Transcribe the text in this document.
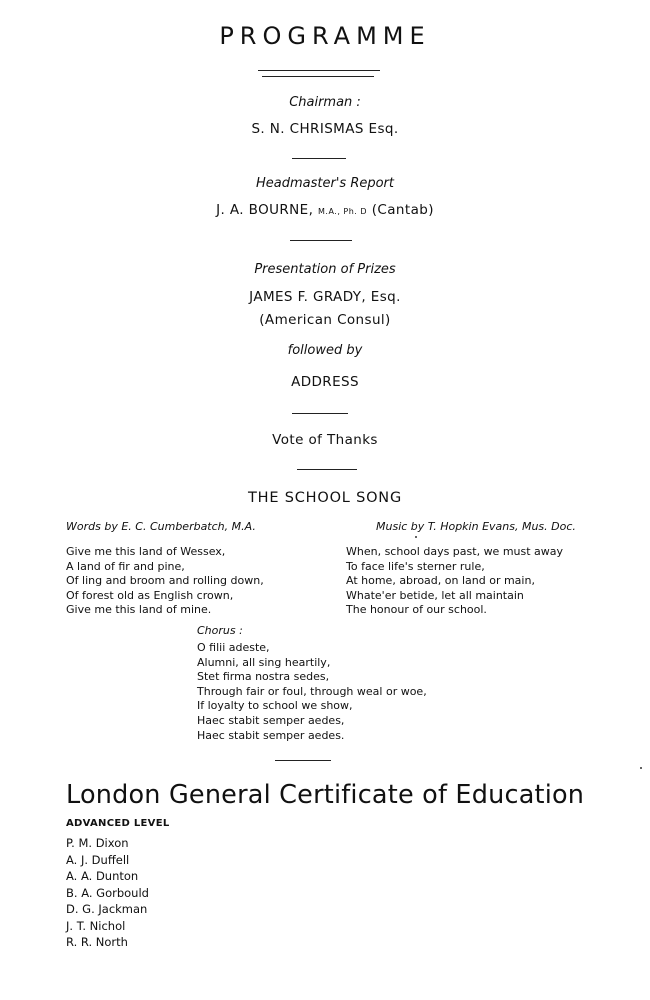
PROGRAMME
Chairman :
S. N. CHRISMAS Esq.
Headmaster's Report
J. A. BOURNE, M.A., Ph. D (Cantab)
Presentation of Prizes
JAMES F. GRADY, Esq.
(American Consul)
followed by
ADDRESS
Vote of Thanks
THE SCHOOL SONG
Words by E. C. Cumberbatch, M.A.	Music by T. Hopkin Evans, Mus. Doc.
Give me this land of Wessex,
A land of fir and pine,
Of ling and broom and rolling down,
Of forest old as English crown,
Give me this land of mine.
When, school days past, we must away
To face life's sterner rule,
At home, abroad, on land or main,
Whate'er betide, let all maintain
The honour of our school.
Chorus :
O filii adeste,
Alumni, all sing heartily,
Stet firma nostra sedes,
Through fair or foul, through weal or woe,
If loyalty to school we show,
Haec stabit semper aedes,
Haec stabit semper aedes.
London General Certificate of Education
ADVANCED LEVEL
P. M. Dixon
A. J. Duffell
A. A. Dunton
B. A. Gorbould
D. G. Jackman
J. T. Nichol
R. R. North
